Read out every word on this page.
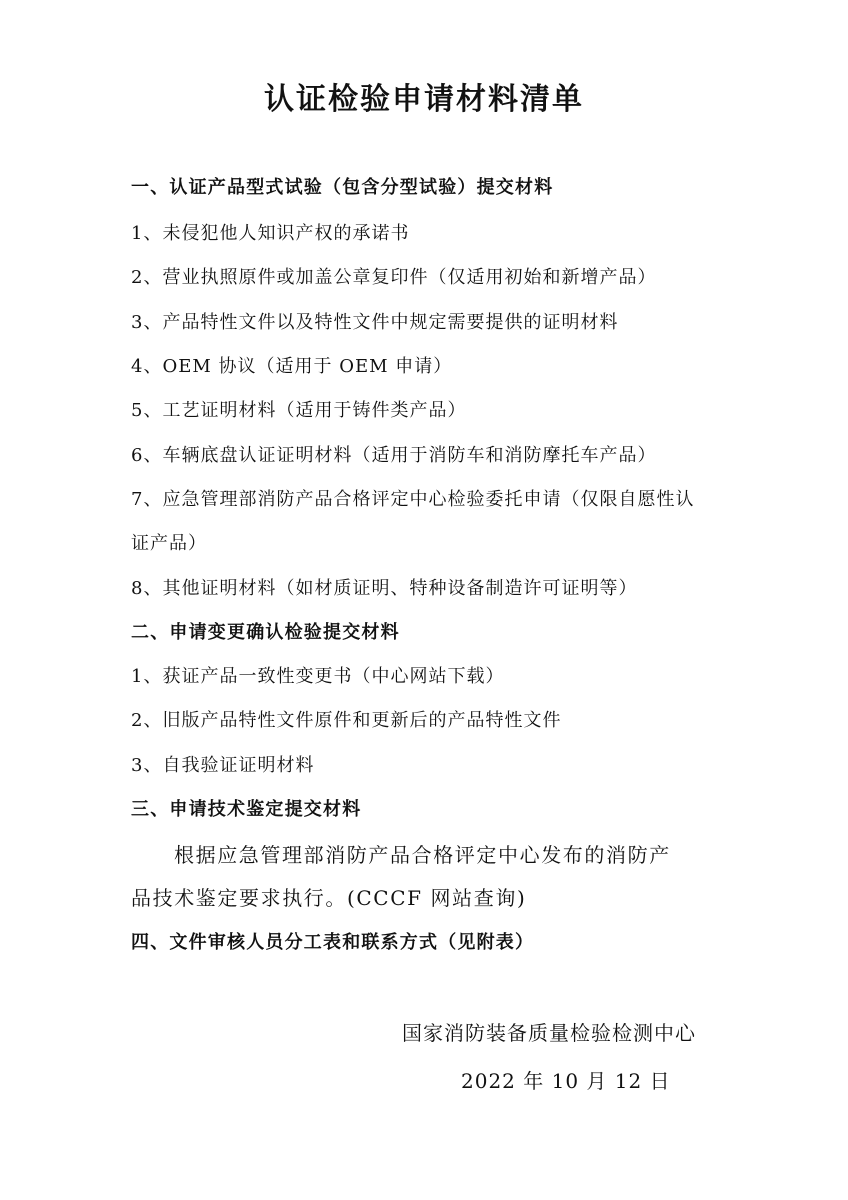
认证检验申请材料清单
一、认证产品型式试验（包含分型试验）提交材料
1、未侵犯他人知识产权的承诺书
2、营业执照原件或加盖公章复印件（仅适用初始和新增产品）
3、产品特性文件以及特性文件中规定需要提供的证明材料
4、OEM 协议（适用于 OEM 申请）
5、工艺证明材料（适用于铸件类产品）
6、车辆底盘认证证明材料（适用于消防车和消防摩托车产品）
7、应急管理部消防产品合格评定中心检验委托申请（仅限自愿性认
证产品）
8、其他证明材料（如材质证明、特种设备制造许可证明等）
二、申请变更确认检验提交材料
1、获证产品一致性变更书（中心网站下载）
2、旧版产品特性文件原件和更新后的产品特性文件
3、自我验证证明材料
三、申请技术鉴定提交材料
根据应急管理部消防产品合格评定中心发布的消防产
品技术鉴定要求执行。(CCCF 网站查询)
四、文件审核人员分工表和联系方式（见附表）
国家消防装备质量检验检测中心
2022 年 10 月 12 日
